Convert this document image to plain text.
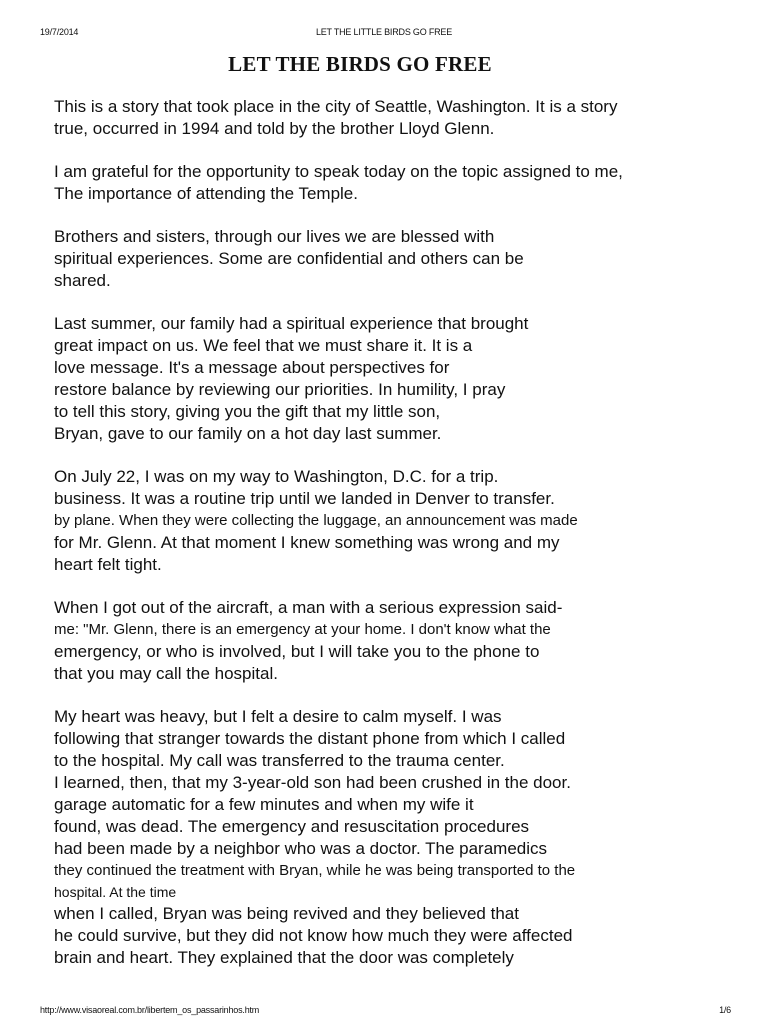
19/7/2014	LET THE LITTLE BIRDS GO FREE
LET THE BIRDS GO FREE
This is a story that took place in the city of Seattle, Washington. It is a story
true, occurred in 1994 and told by the brother Lloyd Glenn.
I am grateful for the opportunity to speak today on the topic assigned to me,
The importance of attending the Temple.
Brothers and sisters, through our lives we are blessed with
spiritual experiences. Some are confidential and others can be
shared.
Last summer, our family had a spiritual experience that brought
great impact on us. We feel that we must share it. It is a
love message. It's a message about perspectives for
restore balance by reviewing our priorities. In humility, I pray
to tell this story, giving you the gift that my little son,
Bryan, gave to our family on a hot day last summer.
On July 22, I was on my way to Washington, D.C. for a trip.
business. It was a routine trip until we landed in Denver to transfer.
by plane. When they were collecting the luggage, an announcement was made
for Mr. Glenn. At that moment I knew something was wrong and my
heart felt tight.
When I got out of the aircraft, a man with a serious expression said-
me: "Mr. Glenn, there is an emergency at your home. I don't know what the
emergency, or who is involved, but I will take you to the phone to
that you may call the hospital.
My heart was heavy, but I felt a desire to calm myself. I was
following that stranger towards the distant phone from which I called
to the hospital. My call was transferred to the trauma center.
I learned, then, that my 3-year-old son had been crushed in the door.
garage automatic for a few minutes and when my wife it
found, was dead. The emergency and resuscitation procedures
had been made by a neighbor who was a doctor. The paramedics
they continued the treatment with Bryan, while he was being transported to the
hospital. At the time
when I called, Bryan was being revived and they believed that
he could survive, but they did not know how much they were affected
brain and heart. They explained that the door was completely
http://www.visaoreal.com.br/libertem_os_passarinhos.htm	1/6
